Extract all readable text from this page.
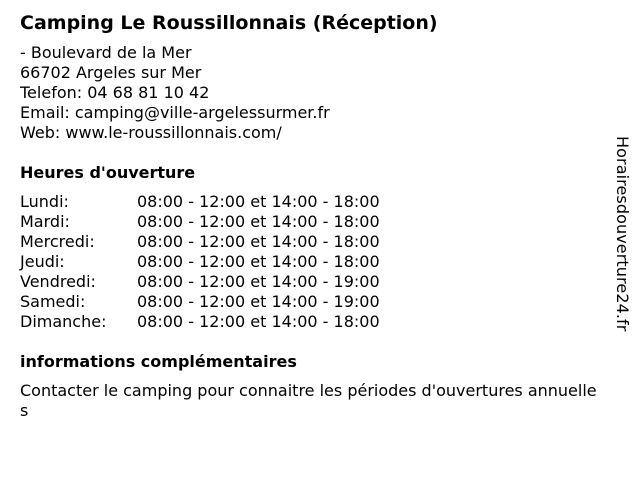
Camping Le Roussillonnais (Réception)
- Boulevard de la Mer
66702 Argeles sur Mer
Telefon: 04 68 81 10 42
Email: camping@ville-argelessurmer.fr
Web: www.le-roussillonnais.com/
Heures d'ouverture
Lundi:	08:00 - 12:00 et 14:00 - 18:00
Mardi:	08:00 - 12:00 et 14:00 - 18:00
Mercredi:	08:00 - 12:00 et 14:00 - 18:00
Jeudi:	08:00 - 12:00 et 14:00 - 18:00
Vendredi:	08:00 - 12:00 et 14:00 - 19:00
Samedi:	08:00 - 12:00 et 14:00 - 19:00
Dimanche:	08:00 - 12:00 et 14:00 - 18:00
informations complémentaires

Contacter le camping pour connaitre les périodes d'ouvertures annuelles

Horairesdouverture24.fr
